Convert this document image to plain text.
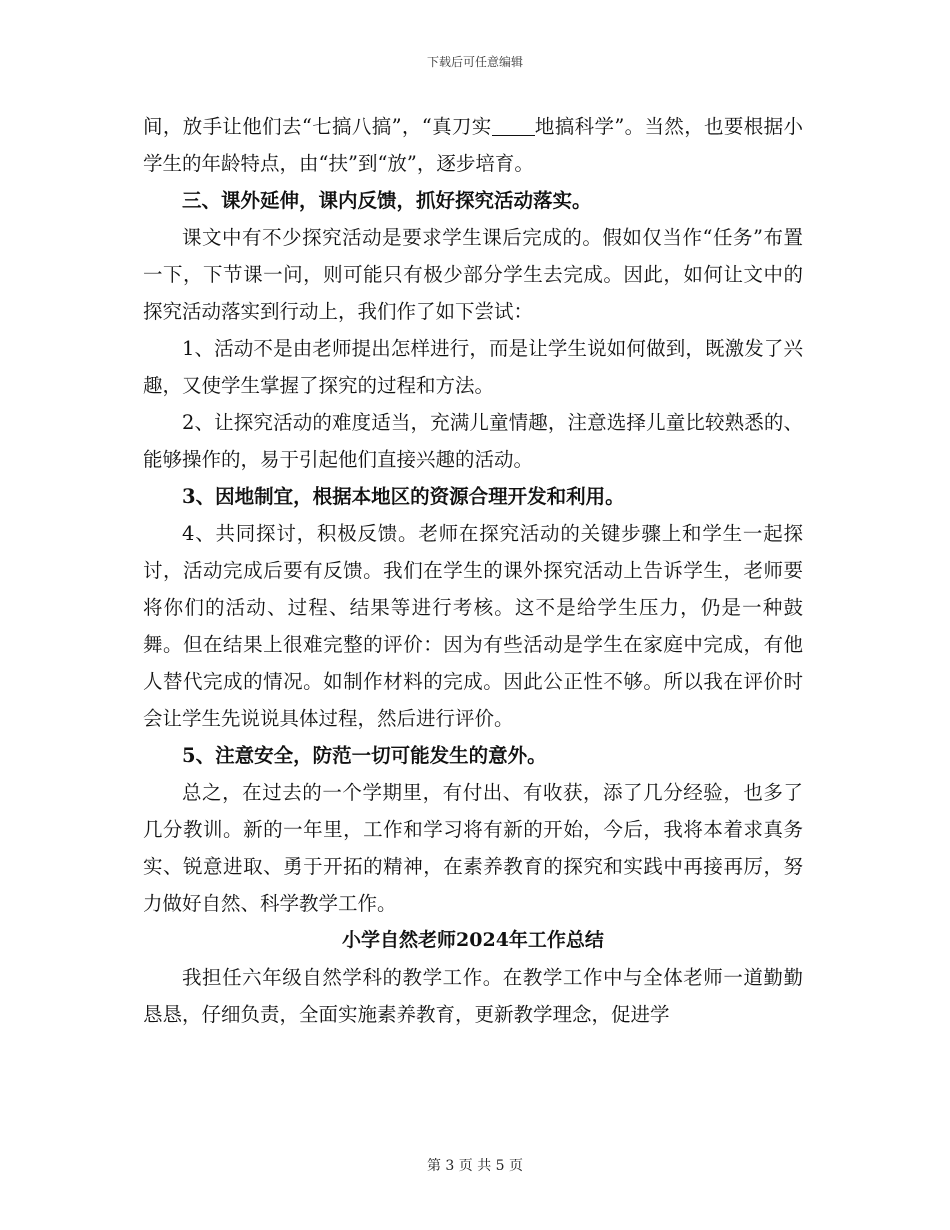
下载后可任意编辑

间，放手让他们去“七搞八搞”，“真刀实 地搞科学”。当然，也要根据小学生的年龄特点，由“扶”到“放”，逐步培育。

三、课外延伸，课内反馈，抓好探究活动落实。

课文中有不少探究活动是要求学生课后完成的。假如仅当作“任务”布置一下，下节课一问，则可能只有极少部分学生去完成。因此，如何让文中的探究活动落实到行动上，我们作了如下尝试：

1、活动不是由老师提出怎样进行，而是让学生说如何做到，既激发了兴趣，又使学生掌握了探究的过程和方法。

2、让探究活动的难度适当，充满儿童情趣，注意选择儿童比较熟悉的、能够操作的，易于引起他们直接兴趣的活动。

3、因地制宜，根据本地区的资源合理开发和利用。

4、共同探讨，积极反馈。老师在探究活动的关键步骤上和学生一起探讨，活动完成后要有反馈。我们在学生的课外探究活动上告诉学生，老师要将你们的活动、过程、结果等进行考核。这不是给学生压力，仍是一种鼓舞。但在结果上很难完整的评价：因为有些活动是学生在家庭中完成，有他人替代完成的情况。如制作材料的完成。因此公正性不够。所以我在评价时会让学生先说说具体过程，然后进行评价。

5、注意安全，防范一切可能发生的意外。

总之，在过去的一个学期里，有付出、有收获，添了几分经验，也多了几分教训。新的一年里，工作和学习将有新的开始，今后，我将本着求真务实、锐意进取、勇于开拓的精神，在素养教育的探究和实践中再接再厉，努力做好自然、科学教学工作。

小学自然老师2024年工作总结

我担任六年级自然学科的教学工作。在教学工作中与全体老师一道勤勤恳恳，仔细负责，全面实施素养教育，更新教学理念，促进学

第 3 页 共 5 页
